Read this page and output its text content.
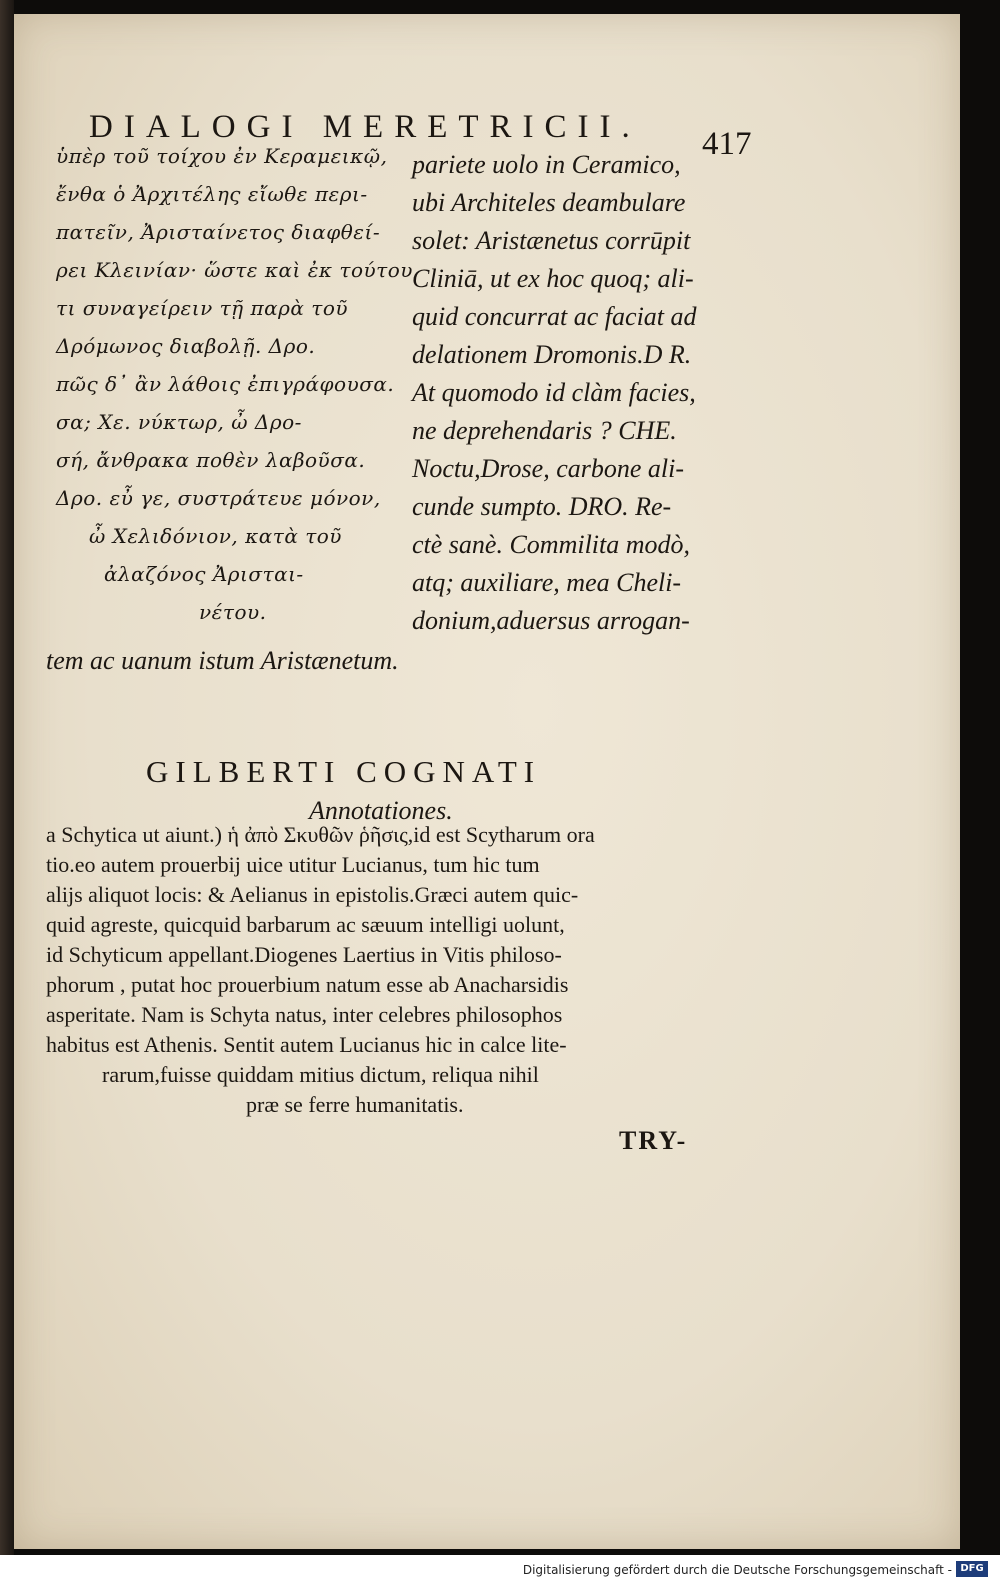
DIALOGI MERETRICII. 417
ὑπὲρ τοῦ τοίχου ἐν Κεραμεικῷ,
ἔνθα ὁ Ἀρχιτέλης εἴωθε περι-
πατεῖν, Ἀρισταίνετος διαφθεί-
ρει Κλεινίαν· ὥστε καὶ ἐκ τούτου
τι συναγείρειν τῇ παρὰ τοῦ
Δρόμωνος διαβολῇ. Δρο.
πῶς δ᾽ ἂν λάθοις ἐπιγράφουσα.
σα; Χε. νύκτωρ, ὦ Δρο-
σή, ἄνθρακα ποθὲν λαβοῦσα.
Δρο. εὖ γε, συστράτευε μόνον,
ὦ Χελιδόνιον, κατὰ τοῦ
ἀλαζόνος Ἀρισται-
νέτου.
pariete uolo in Ceramico,
ubi Architeles deambulare
solet: Aristænetus corrūpit
Cliniā, ut ex hoc quoq; ali-
quid concurrat ac faciat ad
delationem Dromonis.D R.
At quomodo id clàm facies,
ne deprehendaris ? CHE.
Noctu,Drose, carbone ali-
cunde sumpto. DRO. Re-
ctè sanè. Commilita modò,
atq; auxiliare, mea Cheli-
donium,aduersus arrogan-
tem ac uanum istum Aristænetum.
GILBERTI COGNATI
Annotationes.
a Schytica ut aiunt.) ἡ ἀπὸ Σκυθῶν ῥῆσις,id est Scytharum ora
tio.eo autem prouerbij uice utitur Lucianus, tum hic tum
alijs aliquot locis: & Aelianus in epistolis.Græci autem quic-
quid agreste, quicquid barbarum ac sæuum intelligi uolunt,
id Schyticum appellant.Diogenes Laertius in Vitis philoso-
phorum , putat hoc prouerbium natum esse ab Anacharsidis
asperitate. Nam is Schyta natus, inter celebres philosophos
habitus est Athenis. Sentit autem Lucianus hic in calce lite-
rarum,fuisse quiddam mitius dictum, reliqua nihil
præ se ferre humanitatis.
TRY-
Digitalisierung gefördert durch die Deutsche Forschungsgemeinschaft - DFG
